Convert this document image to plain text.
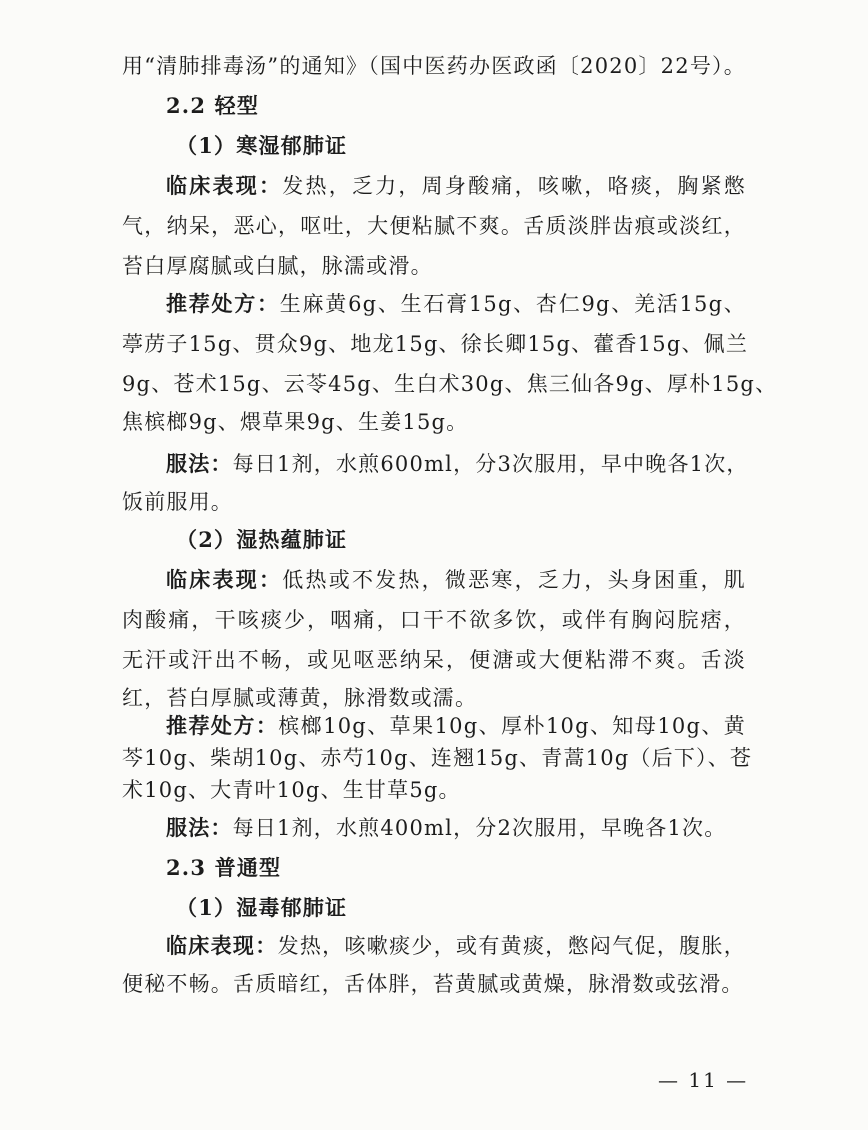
用“清肺排毒汤”的通知》（国中医药办医政函〔2020〕22号）。
2.2 轻型
（1）寒湿郁肺证
临床表现：发热，乏力，周身酸痛，咳嗽，咯痰，胸紧憋
气，纳呆，恶心，呕吐，大便粘腻不爽。舌质淡胖齿痕或淡红，
苔白厚腐腻或白腻，脉濡或滑。
推荐处方：生麻黄6g、生石膏15g、杏仁9g、羌活15g、
葶苈子15g、贯众9g、地龙15g、徐长卿15g、藿香15g、佩兰
9g、苍术15g、云苓45g、生白术30g、焦三仙各9g、厚朴15g、
焦槟榔9g、煨草果9g、生姜15g。
服法：每日1剂，水煎600ml，分3次服用，早中晚各1次，
饭前服用。
（2）湿热蕴肺证
临床表现：低热或不发热，微恶寒，乏力，头身困重，肌
肉酸痛，干咳痰少，咽痛，口干不欲多饮，或伴有胸闷脘痞，
无汗或汗出不畅，或见呕恶纳呆，便溏或大便粘滞不爽。舌淡
红，苔白厚腻或薄黄，脉滑数或濡。
推荐处方：槟榔10g、草果10g、厚朴10g、知母10g、黄
芩10g、柴胡10g、赤芍10g、连翘15g、青蒿10g（后下）、苍
术10g、大青叶10g、生甘草5g。
服法：每日1剂，水煎400ml，分2次服用，早晚各1次。
2.3 普通型
（1）湿毒郁肺证
临床表现：发热，咳嗽痰少，或有黄痰，憋闷气促，腹胀，
便秘不畅。舌质暗红，舌体胖，苔黄腻或黄燥，脉滑数或弦滑。
— 11 —
